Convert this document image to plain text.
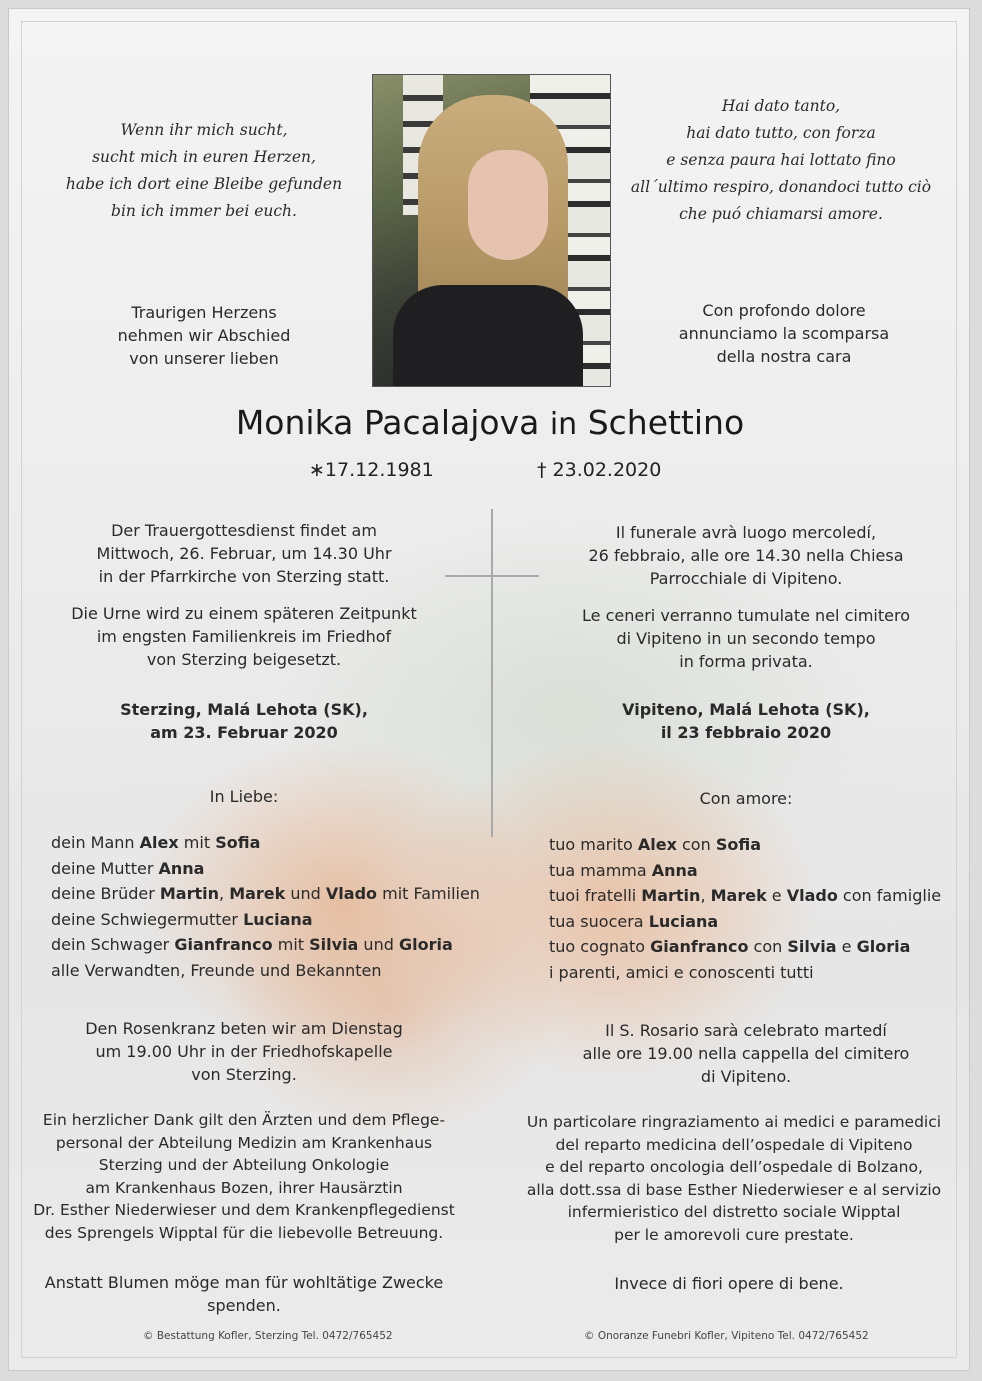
Wenn ihr mich sucht,
sucht mich in euren Herzen,
habe ich dort eine Bleibe gefunden
bin ich immer bei euch.
Hai dato tanto,
hai dato tutto, con forza
e senza paura hai lottato fino
all´ultimo respiro, donandoci tutto ciò
che puó chiamarsi amore.
Traurigen Herzens
nehmen wir Abschied
von unserer lieben
Con profondo dolore
annunciamo la scomparsa
della nostra cara
Monika Pacalajova in Schettino
∗17.12.1981	† 23.02.2020
Der Trauergottesdienst findet am
Mittwoch, 26. Februar, um 14.30 Uhr
in der Pfarrkirche von Sterzing statt.
Die Urne wird zu einem späteren Zeitpunkt
im engsten Familienkreis im Friedhof
von Sterzing beigesetzt.
Sterzing, Malá Lehota (SK),
am 23. Februar 2020
Il funerale avrà luogo mercoledí,
26 febbraio, alle ore 14.30 nella Chiesa
Parrocchiale di Vipiteno.
Le ceneri verranno tumulate nel cimitero
di Vipiteno in un secondo tempo
in forma privata.
Vipiteno, Malá Lehota (SK),
il 23 febbraio 2020
In Liebe:	Con amore:
dein Mann Alex mit Sofia
deine Mutter Anna
deine Brüder Martin, Marek und Vlado mit Familien
deine Schwiegermutter Luciana
dein Schwager Gianfranco mit Silvia und Gloria
alle Verwandten, Freunde und Bekannten
tuo marito Alex con Sofia
tua mamma Anna
tuoi fratelli Martin, Marek e Vlado con famiglie
tua suocera Luciana
tuo cognato Gianfranco con Silvia e Gloria
i parenti, amici e conoscenti tutti
Den Rosenkranz beten wir am Dienstag
um 19.00 Uhr in der Friedhofskapelle
von Sterzing.
Il S. Rosario sarà celebrato martedí
alle ore 19.00 nella cappella del cimitero
di Vipiteno.
Ein herzlicher Dank gilt den Ärzten und dem Pflege-
personal der Abteilung Medizin am Krankenhaus
Sterzing und der Abteilung Onkologie
am Krankenhaus Bozen, ihrer Hausärztin
Dr. Esther Niederwieser und dem Krankenpflegedienst
des Sprengels Wipptal für die liebevolle Betreuung.
Un particolare ringraziamento ai medici e paramedici
del reparto medicina dell’ospedale di Vipiteno
e del reparto oncologia dell’ospedale di Bolzano,
alla dott.ssa di base Esther Niederwieser e al servizio
infermieristico del distretto sociale Wipptal
per le amorevoli cure prestate.
Anstatt Blumen möge man für wohltätige Zwecke
spenden.
Invece di fiori opere di bene.
© Bestattung Kofler, Sterzing Tel. 0472/765452	© Onoranze Funebri Kofler, Vipiteno Tel. 0472/765452
